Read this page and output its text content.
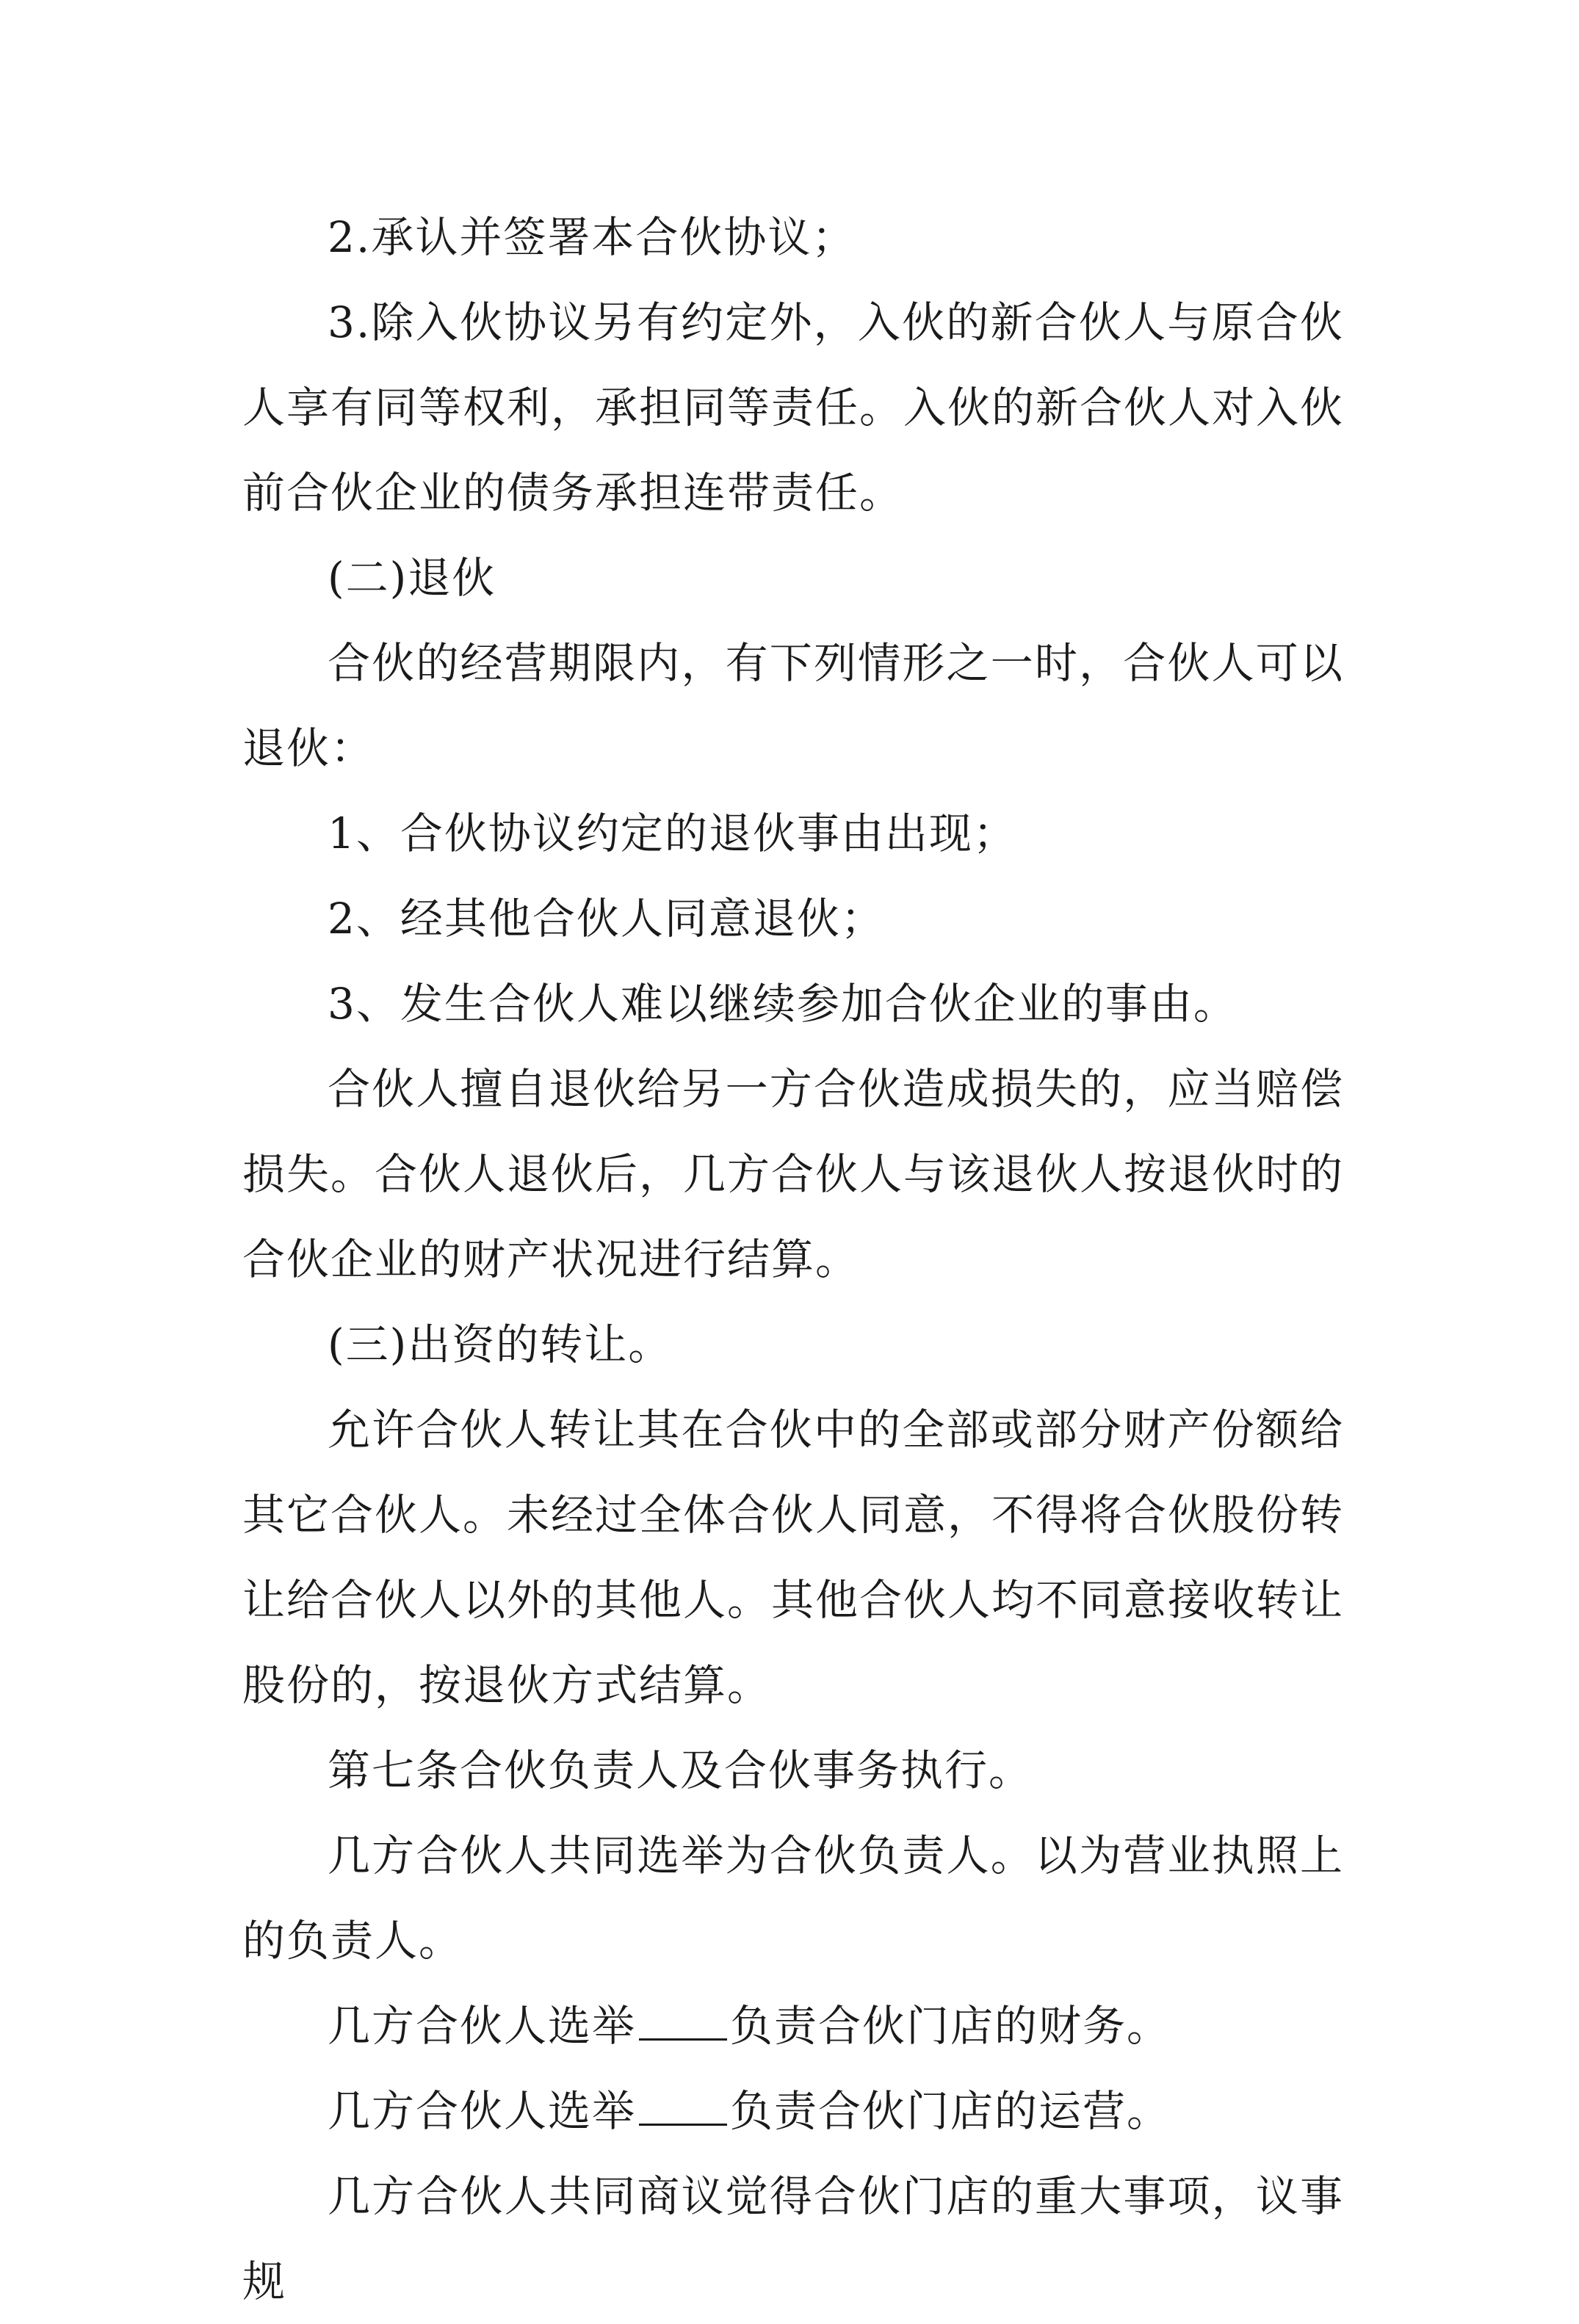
2.承认并签署本合伙协议；

3.除入伙协议另有约定外，入伙的新合伙人与原合伙人享有同等权利，承担同等责任。入伙的新合伙人对入伙前合伙企业的债务承担连带责任。

(二)退伙

合伙的经营期限内，有下列情形之一时，合伙人可以退伙：

1、合伙协议约定的退伙事由出现；

2、经其他合伙人同意退伙；

3、发生合伙人难以继续参加合伙企业的事由。

合伙人擅自退伙给另一方合伙造成损失的，应当赔偿损失。合伙人退伙后，几方合伙人与该退伙人按退伙时的合伙企业的财产状况进行结算。

(三)出资的转让。

允许合伙人转让其在合伙中的全部或部分财产份额给其它合伙人。未经过全体合伙人同意，不得将合伙股份转让给合伙人以外的其他人。其他合伙人均不同意接收转让股份的，按退伙方式结算。

第七条合伙负责人及合伙事务执行。

几方合伙人共同选举为合伙负责人。以为营业执照上的负责人。

几方合伙人选举 负责合伙门店的财务。

几方合伙人选举 负责合伙门店的运营。

几方合伙人共同商议觉得合伙门店的重大事项，议事规
